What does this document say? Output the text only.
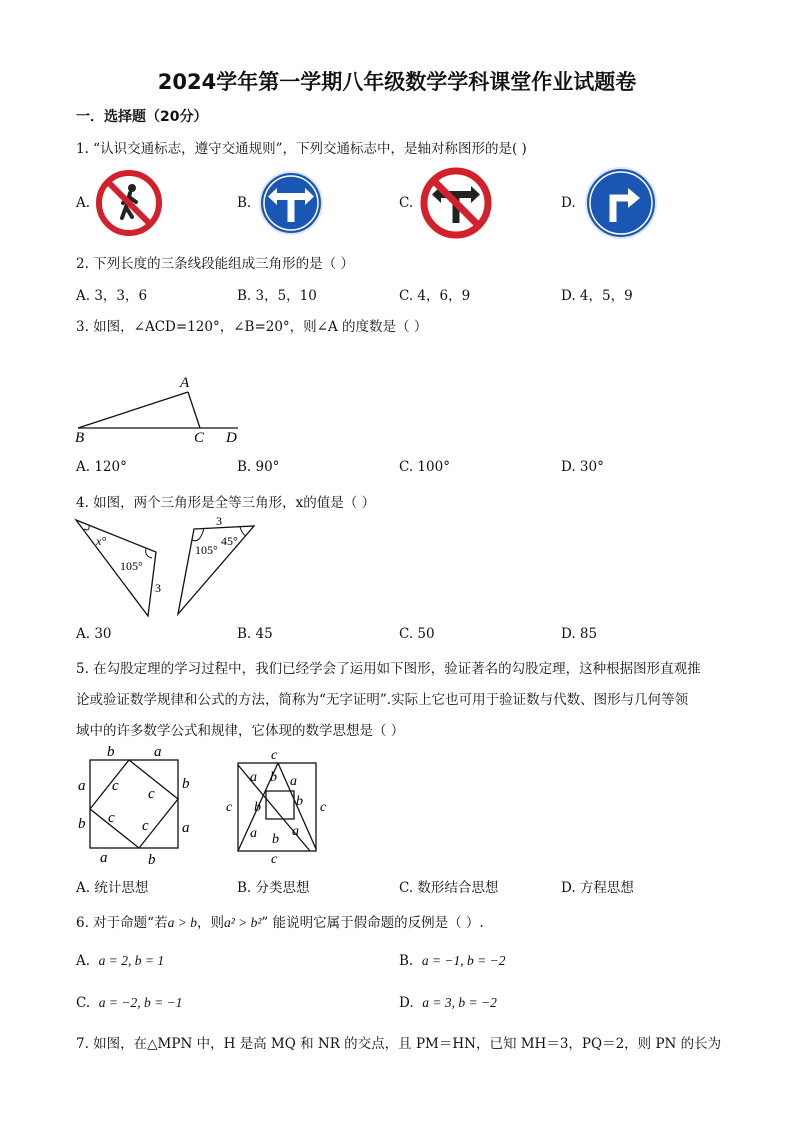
2024学年第一学期八年级数学学科课堂作业试题卷
一．选择题（20分）
1. “认识交通标志，遵守交通规则”，下列交通标志中，是轴对称图形的是( )
A.	B.	C.	D.
2. 下列长度的三条线段能组成三角形的是（ ）
A. 3，3，6	B. 3，5，10	C. 4，6，9	D. 4，5，9
3. 如图，∠ACD=120°，∠B=20°，则∠A 的度数是（ ）
A
B	C D
A. 120°	B. 90°	C. 100°	D. 30°
4. 如图，两个三角形是全等三角形，x的值是（ ）
x°
105°
3
3
45°
105°
A. 30	B. 45	C. 50	D. 85
5. 在勾股定理的学习过程中，我们已经学会了运用如下图形，验证著名的勾股定理，这种根据图形直观推
论或验证数学规律和公式的方法，简称为“无字证明”.实际上它也可用于验证数与代数、图形与几何等领
域中的许多数学公式和规律，它体现的数学思想是（ ）
b	a
a
b
b
a
a	b
c c
c c
c
a b a
b
c	c
b
a	a
b
c
A. 统计思想	B. 分类思想	C. 数形结合思想	D. 方程思想
6. 对于命题“若a > b，则a² > b²” 能说明它属于假命题的反例是（ ）.
A. a = 2, b = 1	B. a = −1, b = −2
C. a = −2, b = −1	D. a = 3, b = −2
7. 如图，在△MPN 中，H 是高 MQ 和 NR 的交点，且 PM＝HN，已知 MH＝3，PQ＝2，则 PN 的长为
